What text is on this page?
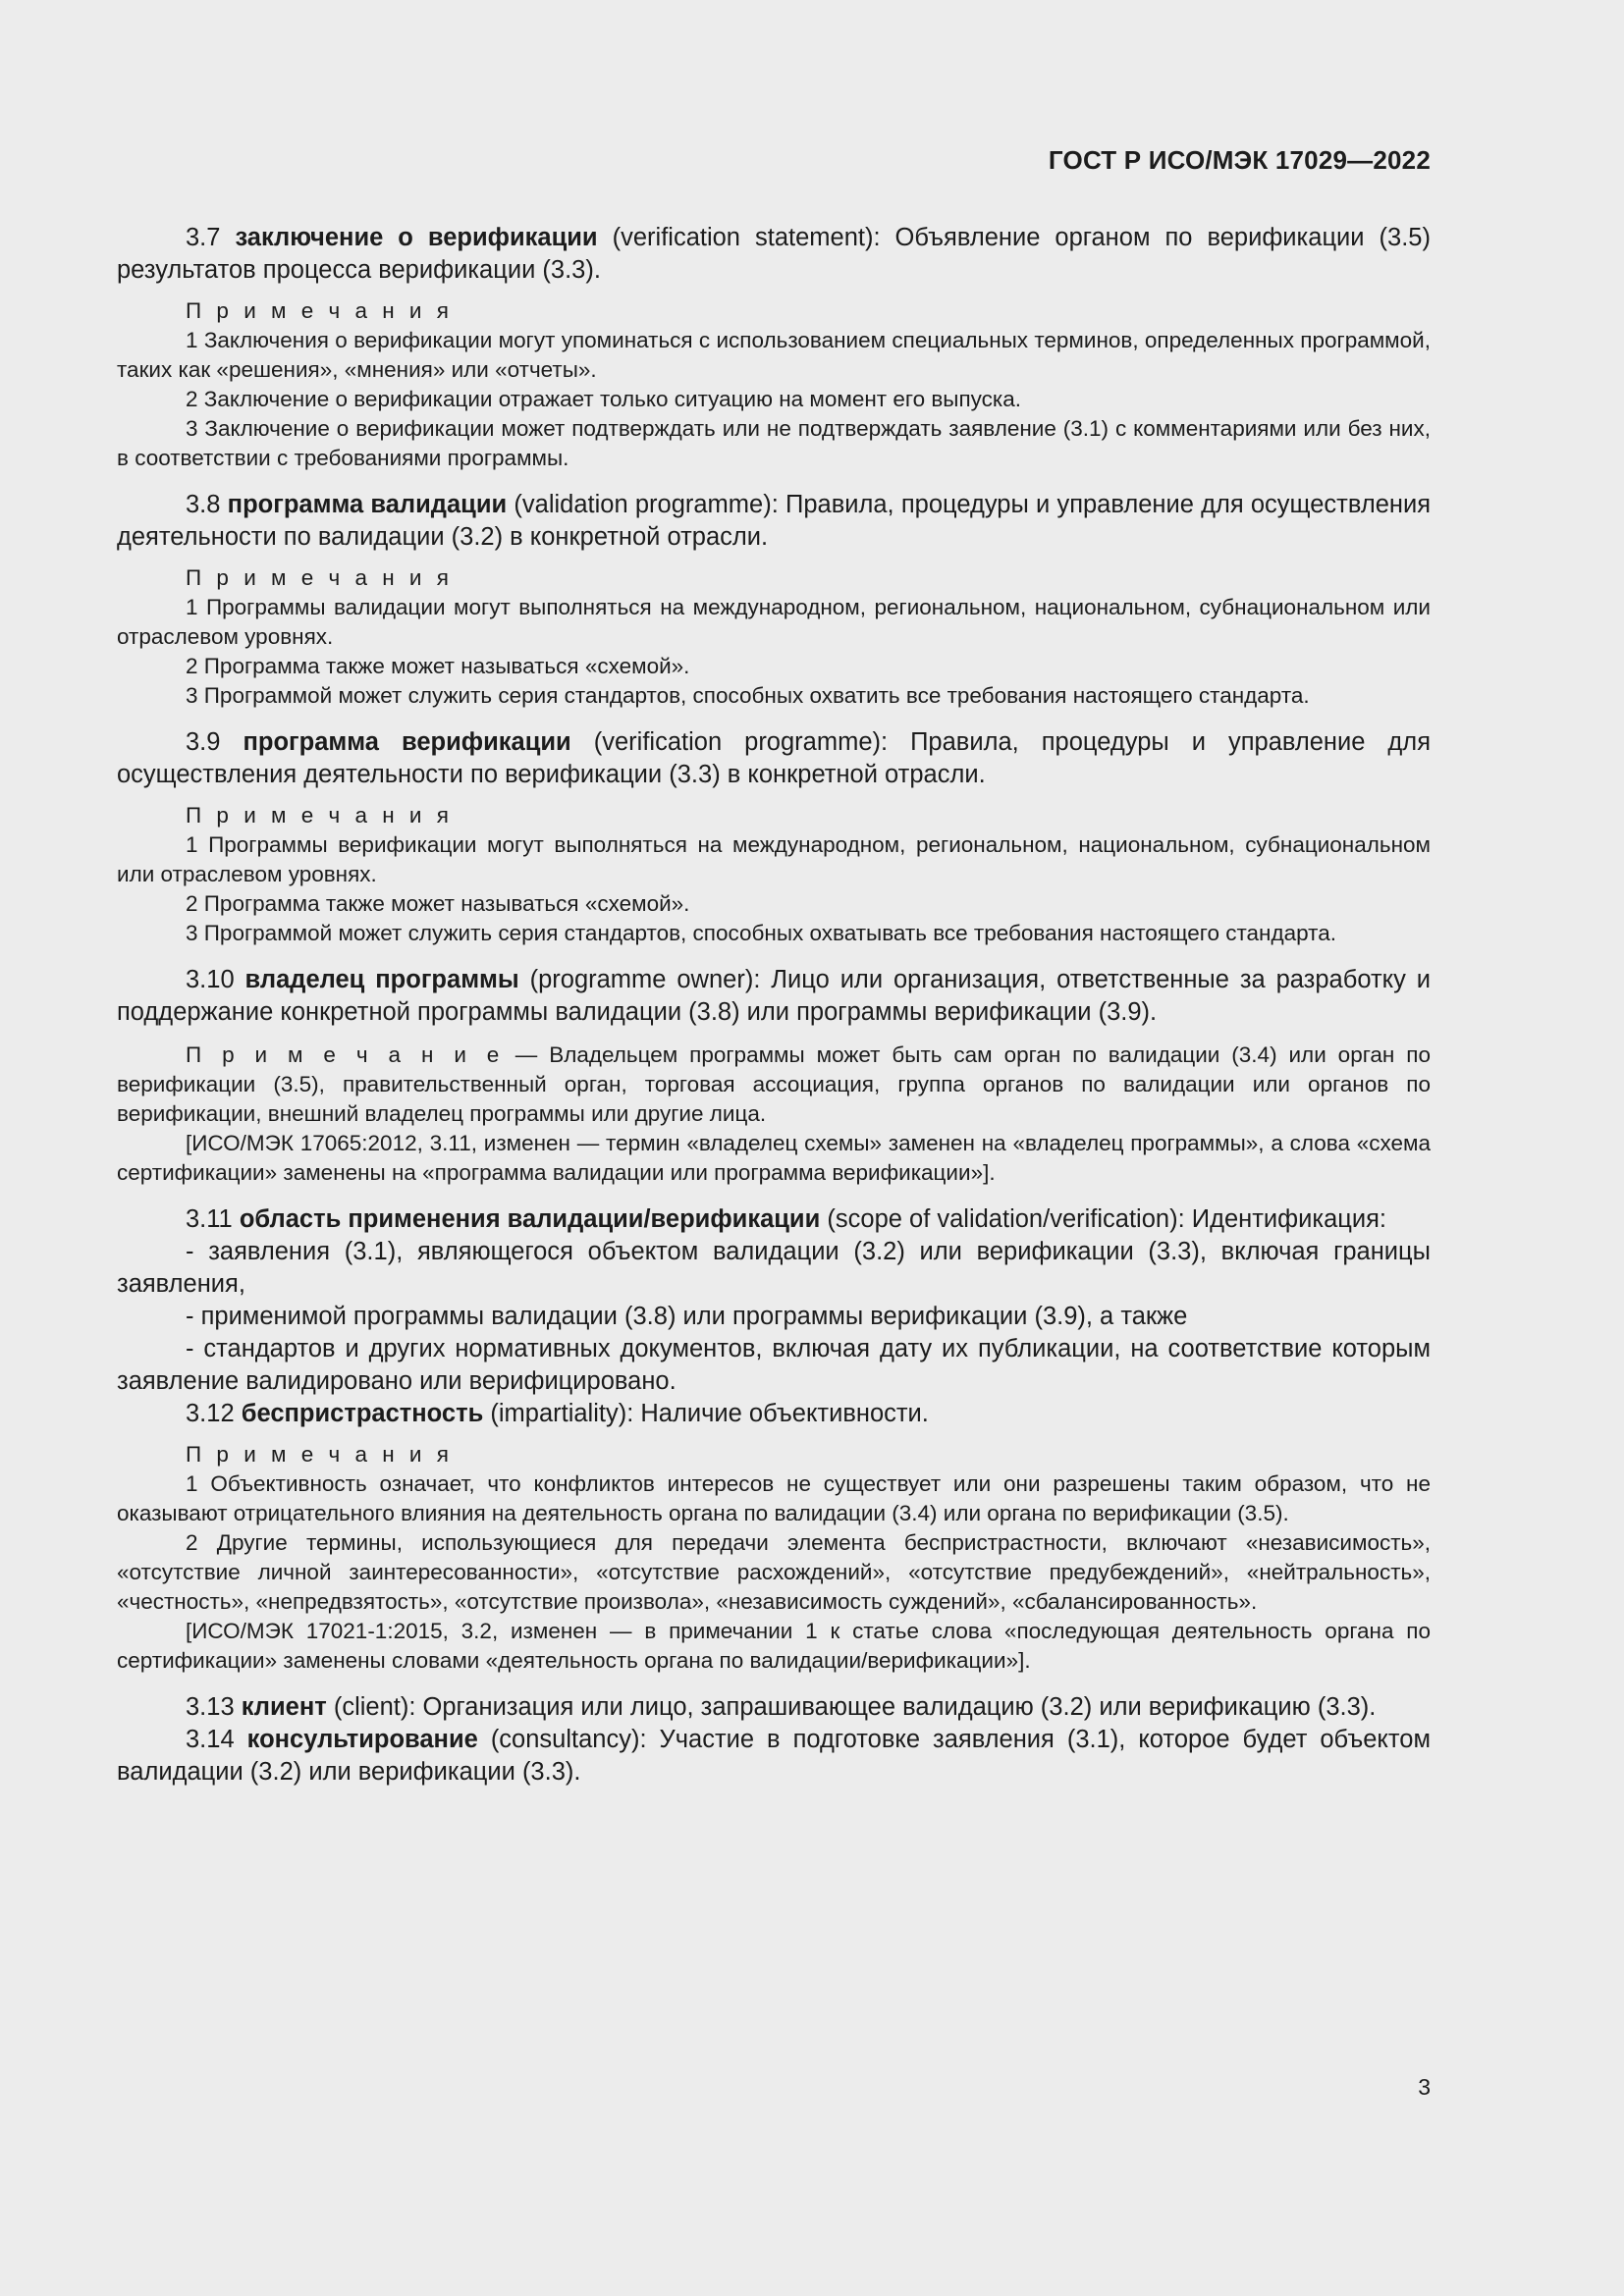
ГОСТ Р ИСО/МЭК 17029—2022

3.7 заключение о верификации (verification statement): Объявление органом по верификации (3.5) результатов процесса верификации (3.3).

П р и м е ч а н и я

1 Заключения о верификации могут упоминаться с использованием специальных терминов, определенных программой, таких как «решения», «мнения» или «отчеты».

2 Заключение о верификации отражает только ситуацию на момент его выпуска.

3 Заключение о верификации может подтверждать или не подтверждать заявление (3.1) с комментариями или без них, в соответствии с требованиями программы.

3.8 программа валидации (validation programme): Правила, процедуры и управление для осуществления деятельности по валидации (3.2) в конкретной отрасли.

П р и м е ч а н и я

1 Программы валидации могут выполняться на международном, региональном, национальном, субнациональном или отраслевом уровнях.

2 Программа также может называться «схемой».

3 Программой может служить серия стандартов, способных охватить все требования настоящего стандарта.

3.9 программа верификации (verification programme): Правила, процедуры и управление для осуществления деятельности по верификации (3.3) в конкретной отрасли.

П р и м е ч а н и я

1 Программы верификации могут выполняться на международном, региональном, национальном, субнациональном или отраслевом уровнях.

2 Программа также может называться «схемой».

3 Программой может служить серия стандартов, способных охватывать все требования настоящего стандарта.

3.10 владелец программы (programme owner): Лицо или организация, ответственные за разработку и поддержание конкретной программы валидации (3.8) или программы верификации (3.9).

П р и м е ч а н и е — Владельцем программы может быть сам орган по валидации (3.4) или орган по верификации (3.5), правительственный орган, торговая ассоциация, группа органов по валидации или органов по верификации, внешний владелец программы или другие лица.

[ИСО/МЭК 17065:2012, 3.11, изменен — термин «владелец схемы» заменен на «владелец программы», а слова «схема сертификации» заменены на «программа валидации или программа верификации»].

3.11 область применения валидации/верификации (scope of validation/verification): Идентификация:

- заявления (3.1), являющегося объектом валидации (3.2) или верификации (3.3), включая границы заявления,

- применимой программы валидации (3.8) или программы верификации (3.9), а также

- стандартов и других нормативных документов, включая дату их публикации, на соответствие которым заявление валидировано или верифицировано.

3.12 беспристрастность (impartiality): Наличие объективности.

П р и м е ч а н и я

1 Объективность означает, что конфликтов интересов не существует или они разрешены таким образом, что не оказывают отрицательного влияния на деятельность органа по валидации (3.4) или органа по верификации (3.5).

2 Другие термины, использующиеся для передачи элемента беспристрастности, включают «независимость», «отсутствие личной заинтересованности», «отсутствие расхождений», «отсутствие предубеждений», «нейтральность», «честность», «непредвзятость», «отсутствие произвола», «независимость суждений», «сбалансированность».

[ИСО/МЭК 17021-1:2015, 3.2, изменен — в примечании 1 к статье слова «последующая деятельность органа по сертификации» заменены словами «деятельность органа по валидации/верификации»].

3.13 клиент (client): Организация или лицо, запрашивающее валидацию (3.2) или верификацию (3.3).

3.14 консультирование (consultancy): Участие в подготовке заявления (3.1), которое будет объектом валидации (3.2) или верификации (3.3).

3
